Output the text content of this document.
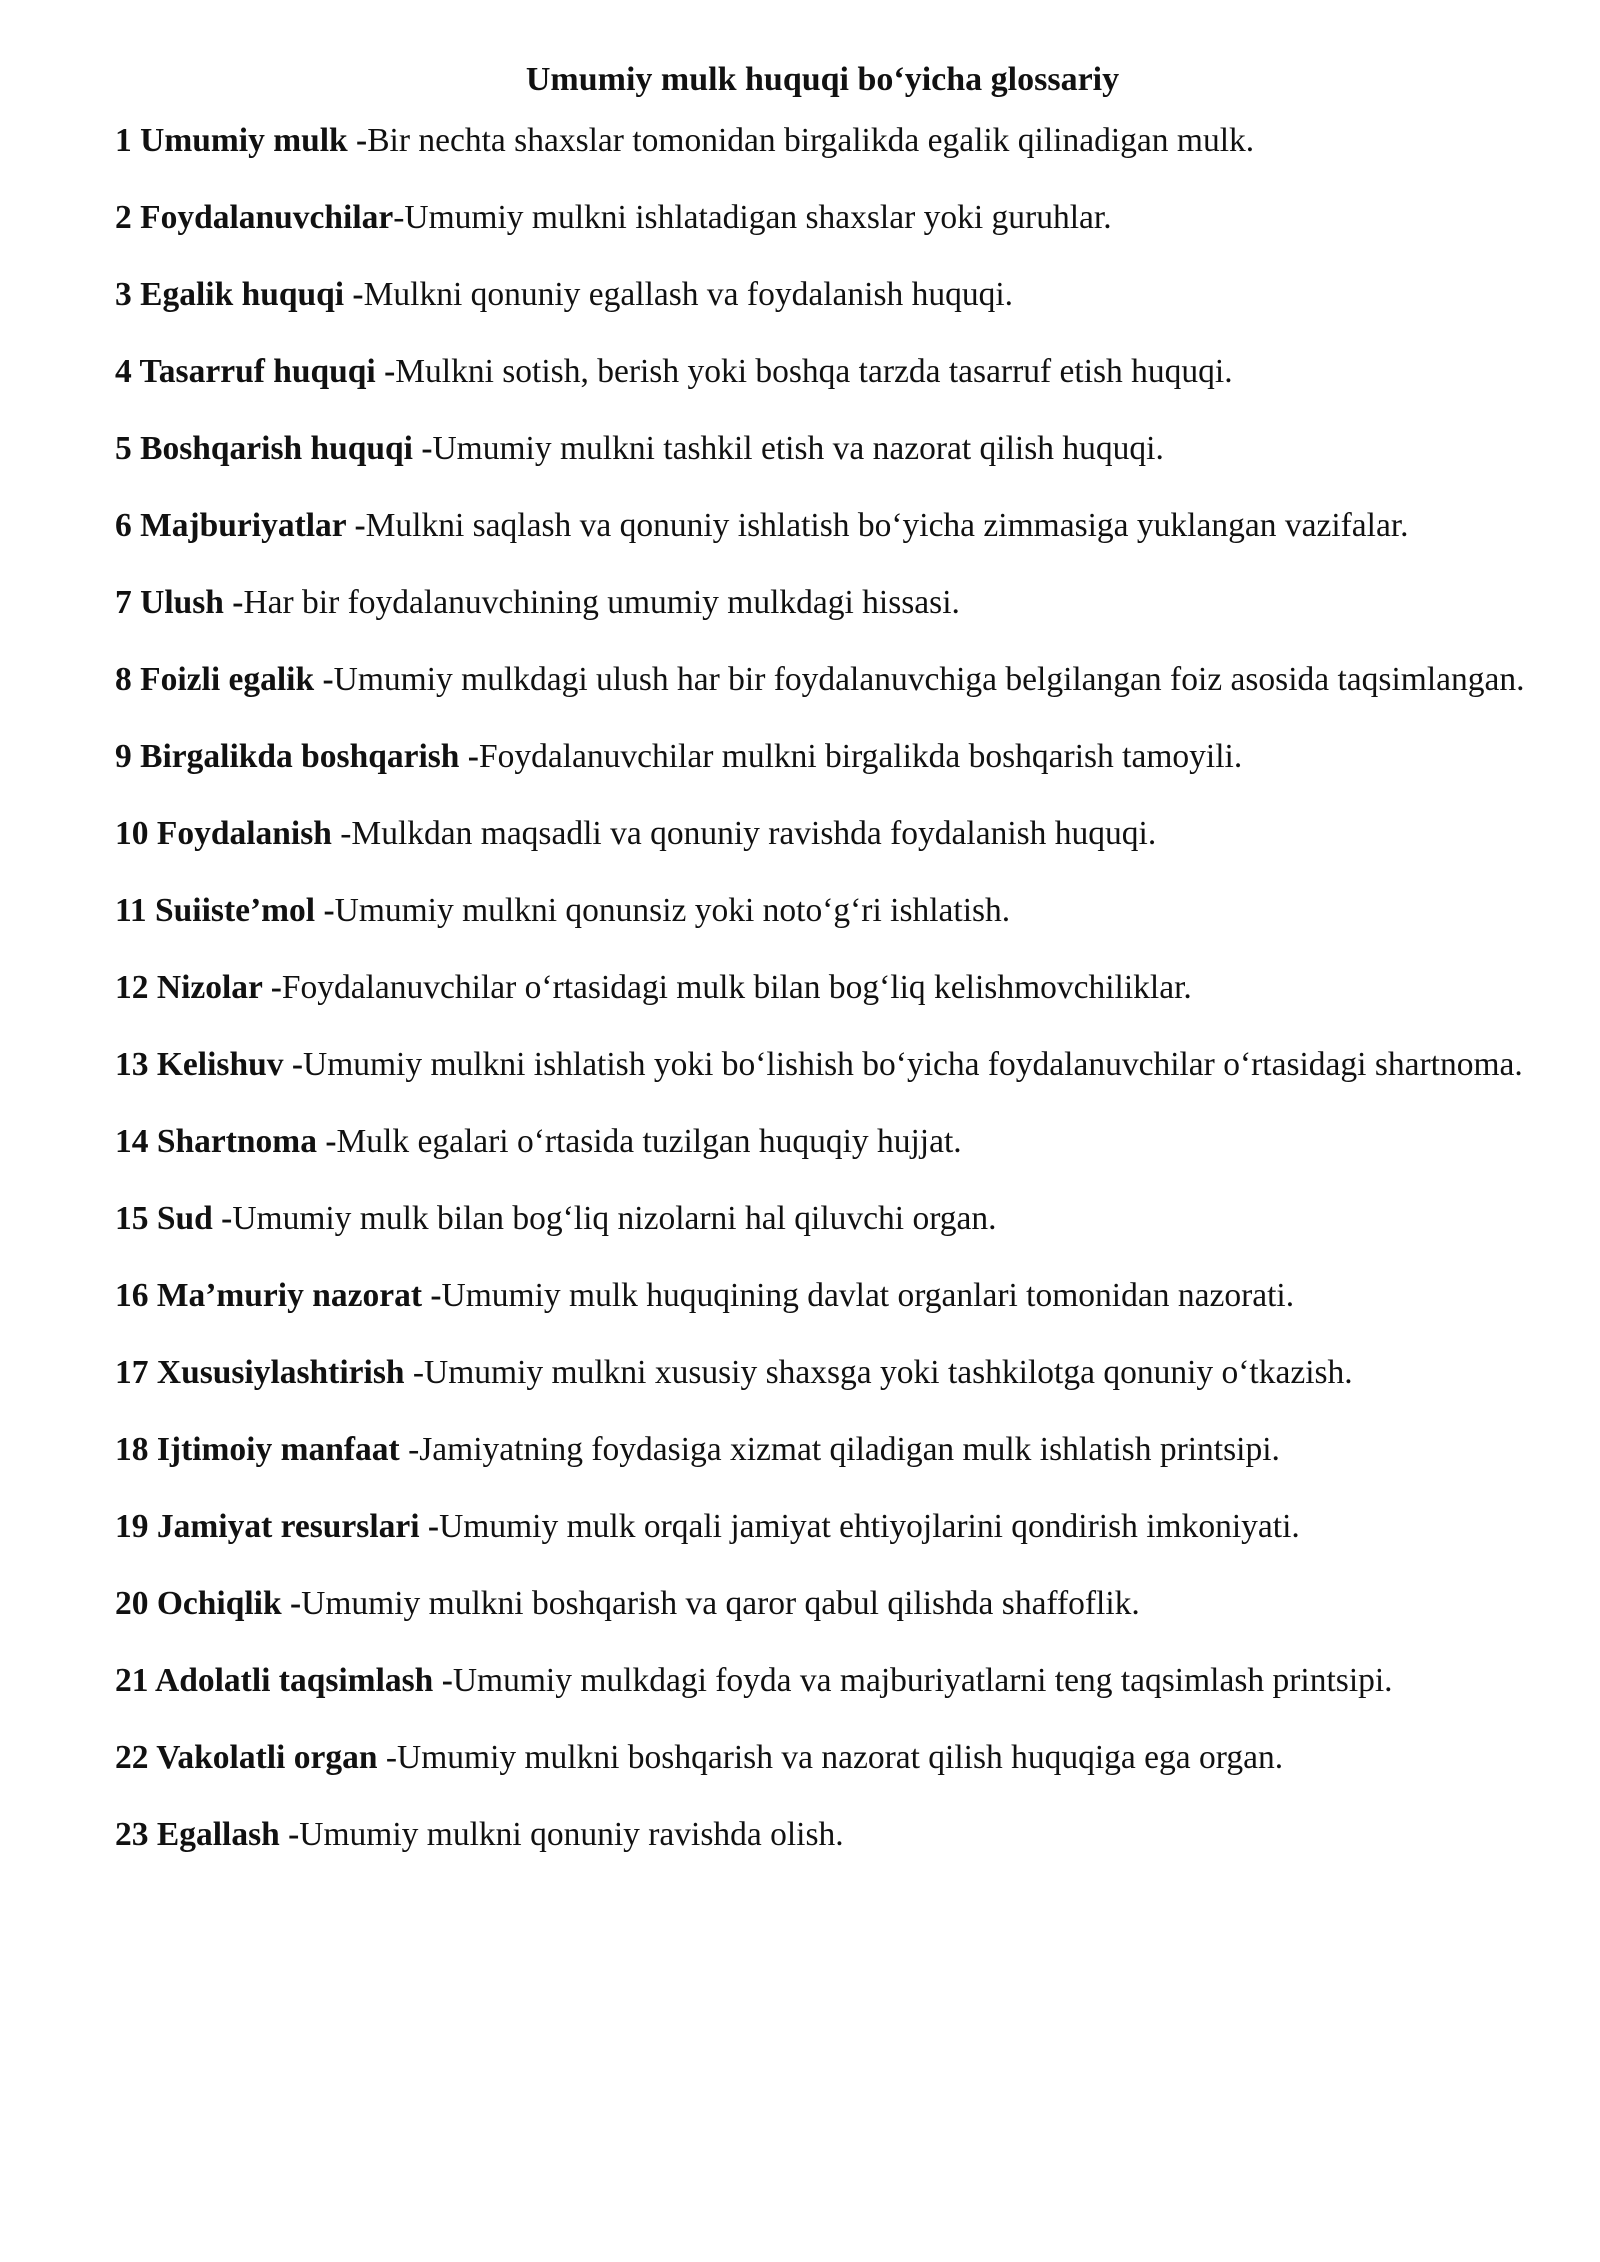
Umumiy mulk huquqi bo‘yicha glossariy
1 Umumiy mulk -Bir nechta shaxslar tomonidan birgalikda egalik qilinadigan mulk.
2 Foydalanuvchilar-Umumiy mulkni ishlatadigan shaxslar yoki guruhlar.
3 Egalik huquqi -Mulkni qonuniy egallash va foydalanish huquqi.
4 Tasarruf huquqi -Mulkni sotish, berish yoki boshqa tarzda tasarruf etish huquqi.
5 Boshqarish huquqi -Umumiy mulkni tashkil etish va nazorat qilish huquqi.
6 Majburiyatlar -Mulkni saqlash va qonuniy ishlatish bo‘yicha zimmasiga yuklangan vazifalar.
7 Ulush -Har bir foydalanuvchining umumiy mulkdagi hissasi.
8 Foizli egalik -Umumiy mulkdagi ulush har bir foydalanuvchiga belgilangan foiz asosida taqsimlangan.
9 Birgalikda boshqarish -Foydalanuvchilar mulkni birgalikda boshqarish tamoyili.
10 Foydalanish -Mulkdan maqsadli va qonuniy ravishda foydalanish huquqi.
11 Suiiste’mol -Umumiy mulkni qonunsiz yoki noto‘g‘ri ishlatish.
12 Nizolar -Foydalanuvchilar o‘rtasidagi mulk bilan bog‘liq kelishmovchiliklar.
13 Kelishuv -Umumiy mulkni ishlatish yoki bo‘lishish bo‘yicha foydalanuvchilar o‘rtasidagi shartnoma.
14 Shartnoma -Mulk egalari o‘rtasida tuzilgan huquqiy hujjat.
15 Sud -Umumiy mulk bilan bog‘liq nizolarni hal qiluvchi organ.
16 Ma’muriy nazorat -Umumiy mulk huquqining davlat organlari tomonidan nazorati.
17 Xususiylashtirish -Umumiy mulkni xususiy shaxsga yoki tashkilotga qonuniy o‘tkazish.
18 Ijtimoiy manfaat -Jamiyatning foydasiga xizmat qiladigan mulk ishlatish printsipi.
19 Jamiyat resurslari -Umumiy mulk orqali jamiyat ehtiyojlarini qondirish imkoniyati.
20 Ochiqlik -Umumiy mulkni boshqarish va qaror qabul qilishda shaffoflik.
21 Adolatli taqsimlash -Umumiy mulkdagi foyda va majburiyatlarni teng taqsimlash printsipi.
22 Vakolatli organ -Umumiy mulkni boshqarish va nazorat qilish huquqiga ega organ.
23 Egallash -Umumiy mulkni qonuniy ravishda olish.
